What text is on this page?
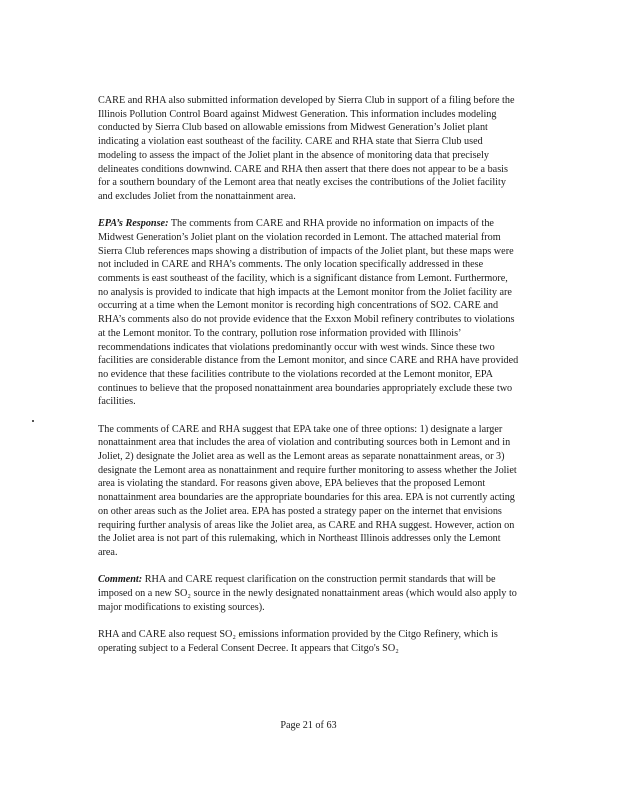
CARE and RHA also submitted information developed by Sierra Club in support of a filing before the Illinois Pollution Control Board against Midwest Generation. This information includes modeling conducted by Sierra Club based on allowable emissions from Midwest Generation’s Joliet plant indicating a violation east southeast of the facility. CARE and RHA state that Sierra Club used modeling to assess the impact of the Joliet plant in the absence of monitoring data that precisely delineates conditions downwind. CARE and RHA then assert that there does not appear to be a basis for a southern boundary of the Lemont area that neatly excises the contributions of the Joliet facility and excludes Joliet from the nonattainment area.

EPA’s Response: The comments from CARE and RHA provide no information on impacts of the Midwest Generation’s Joliet plant on the violation recorded in Lemont. The attached material from Sierra Club references maps showing a distribution of impacts of the Joliet plant, but these maps were not included in CARE and RHA’s comments. The only location specifically addressed in these comments is east southeast of the facility, which is a significant distance from Lemont. Furthermore, no analysis is provided to indicate that high impacts at the Lemont monitor from the Joliet facility are occurring at a time when the Lemont monitor is recording high concentrations of SO2. CARE and RHA’s comments also do not provide evidence that the Exxon Mobil refinery contributes to violations at the Lemont monitor. To the contrary, pollution rose information provided with Illinois’ recommendations indicates that violations predominantly occur with west winds. Since these two facilities are considerable distance from the Lemont monitor, and since CARE and RHA have provided no evidence that these facilities contribute to the violations recorded at the Lemont monitor, EPA continues to believe that the proposed nonattainment area boundaries appropriately exclude these two facilities.

The comments of CARE and RHA suggest that EPA take one of three options: 1) designate a larger nonattainment area that includes the area of violation and contributing sources both in Lemont and in Joliet, 2) designate the Joliet area as well as the Lemont areas as separate nonattainment areas, or 3) designate the Lemont area as nonattainment and require further monitoring to assess whether the Joliet area is violating the standard. For reasons given above, EPA believes that the proposed Lemont nonattainment area boundaries are the appropriate boundaries for this area. EPA is not currently acting on other areas such as the Joliet area. EPA has posted a strategy paper on the internet that envisions requiring further analysis of areas like the Joliet area, as CARE and RHA suggest. However, action on the Joliet area is not part of this rulemaking, which in Northeast Illinois addresses only the Lemont area.

Comment: RHA and CARE request clarification on the construction permit standards that will be imposed on a new SO₂ source in the newly designated nonattainment areas (which would also apply to major modifications to existing sources).

RHA and CARE also request SO₂ emissions information provided by the Citgo Refinery, which is operating subject to a Federal Consent Decree. It appears that Citgo's SO₂

Page 21 of 63
